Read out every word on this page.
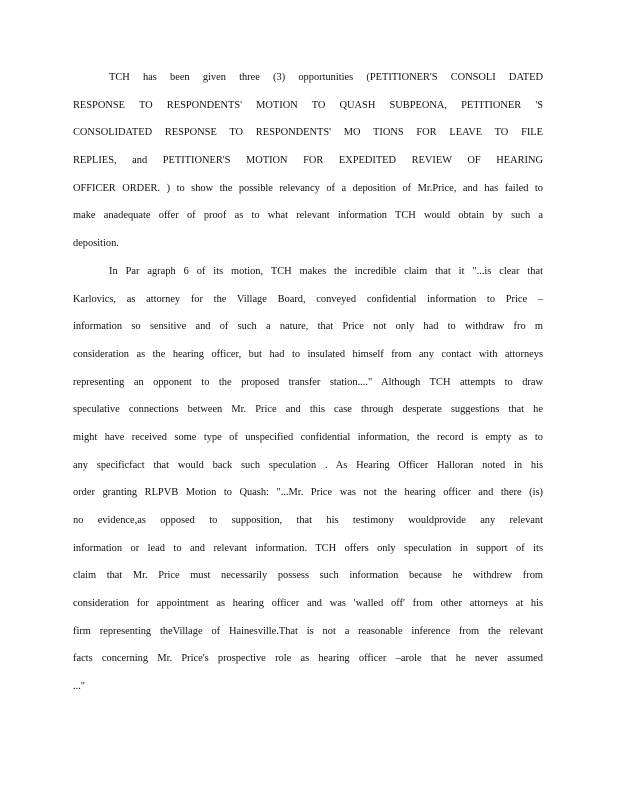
TCH has been given three (3) opportunities (PETITIONER'S CONSOLI DATED
RESPONSE TO RESPONDENTS' MOTION TO QUASH SUBPEONA, PETITIONER 'S
CONSOLIDATED RESPONSE TO RESPONDENTS' MO TIONS FOR LEAVE TO FILE
REPLIES, and PETITIONER'S MOTION FOR EXPEDITED REVIEW OF HEARING
OFFICER ORDER. ) to show the possible relevancy of a deposition of Mr.Price, and has failed to
make anadequate offer of proof as to what relevant information TCH would obtain by such a
deposition.
In Par agraph 6 of its motion, TCH makes the incredible claim that it "...is clear that
Karlovics, as attorney for the Village Board, conveyed confidential information to Price –
information so sensitive and of such a nature, that Price not only had to withdraw fro m
consideration as the hearing officer, but had to insulated himself from any contact with attorneys
representing an opponent to the proposed transfer station...." Although TCH attempts to draw
speculative connections between Mr. Price and this case through desperate suggestions that he
might have received some type of unspecified confidential information, the record is empty as to
any specificfact that would back such speculation . As Hearing Officer Halloran noted in his
order granting RLPVB Motion to Quash: "...Mr. Price was not the hearing officer and there (is)
no evidence,as opposed to supposition, that his testimony wouldprovide any relevant
information or lead to and relevant information. TCH offers only speculation in support of its
claim that Mr. Price must necessarily possess such information because he withdrew from
consideration for appointment as hearing officer and was 'walled off' from other attorneys at his
firm representing theVillage of Hainesville.That is not a reasonable inference from the relevant
facts concerning Mr. Price's prospective role as hearing officer –arole that he never assumed
..."
